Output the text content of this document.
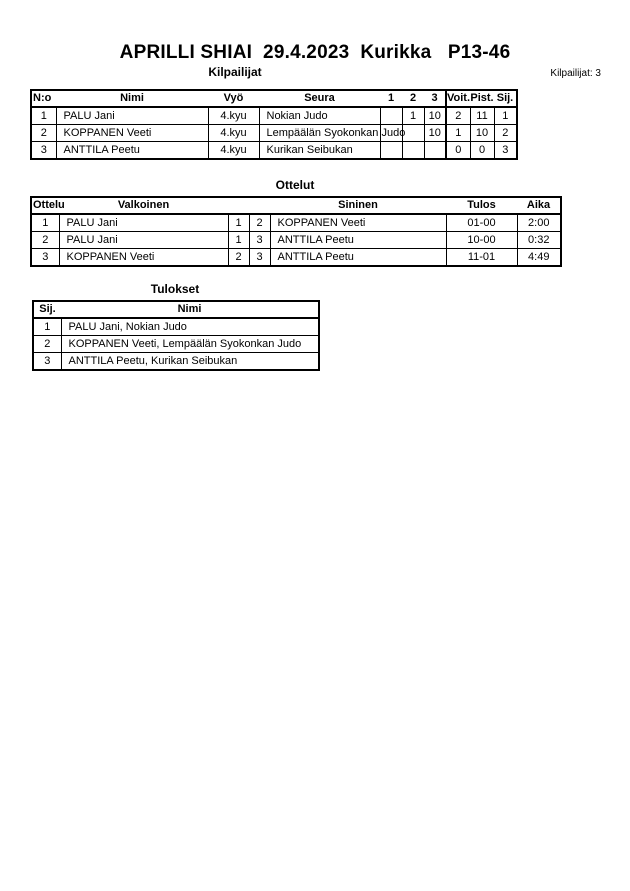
APRILLI SHIAI  29.4.2023  Kurikka   P13-46
Kilpailijat	Kilpailijat: 3
N:o	Nimi	Vyö	Seura	1	2	3	Voit.	Pist.	Sij.
1	PALU Jani	4.kyu	Nokian Judo		1	10	2	11	1
2	KOPPANEN Veeti	4.kyu	Lempäälän Syokonkan Judo			10	1	10	2
3	ANTTILA Peetu	4.kyu	Kurikan Seibukan				0	0	3
Ottelut
Ottelu	Valkoinen			Sininen	Tulos	Aika
1	PALU Jani	1	2	KOPPANEN Veeti	01-00	2:00
2	PALU Jani	1	3	ANTTILA Peetu	10-00	0:32
3	KOPPANEN Veeti	2	3	ANTTILA Peetu	11-01	4:49
Tulokset
Sij.	Nimi
1	PALU Jani, Nokian Judo
2	KOPPANEN Veeti, Lempäälän Syokonkan Judo
3	ANTTILA Peetu, Kurikan Seibukan
